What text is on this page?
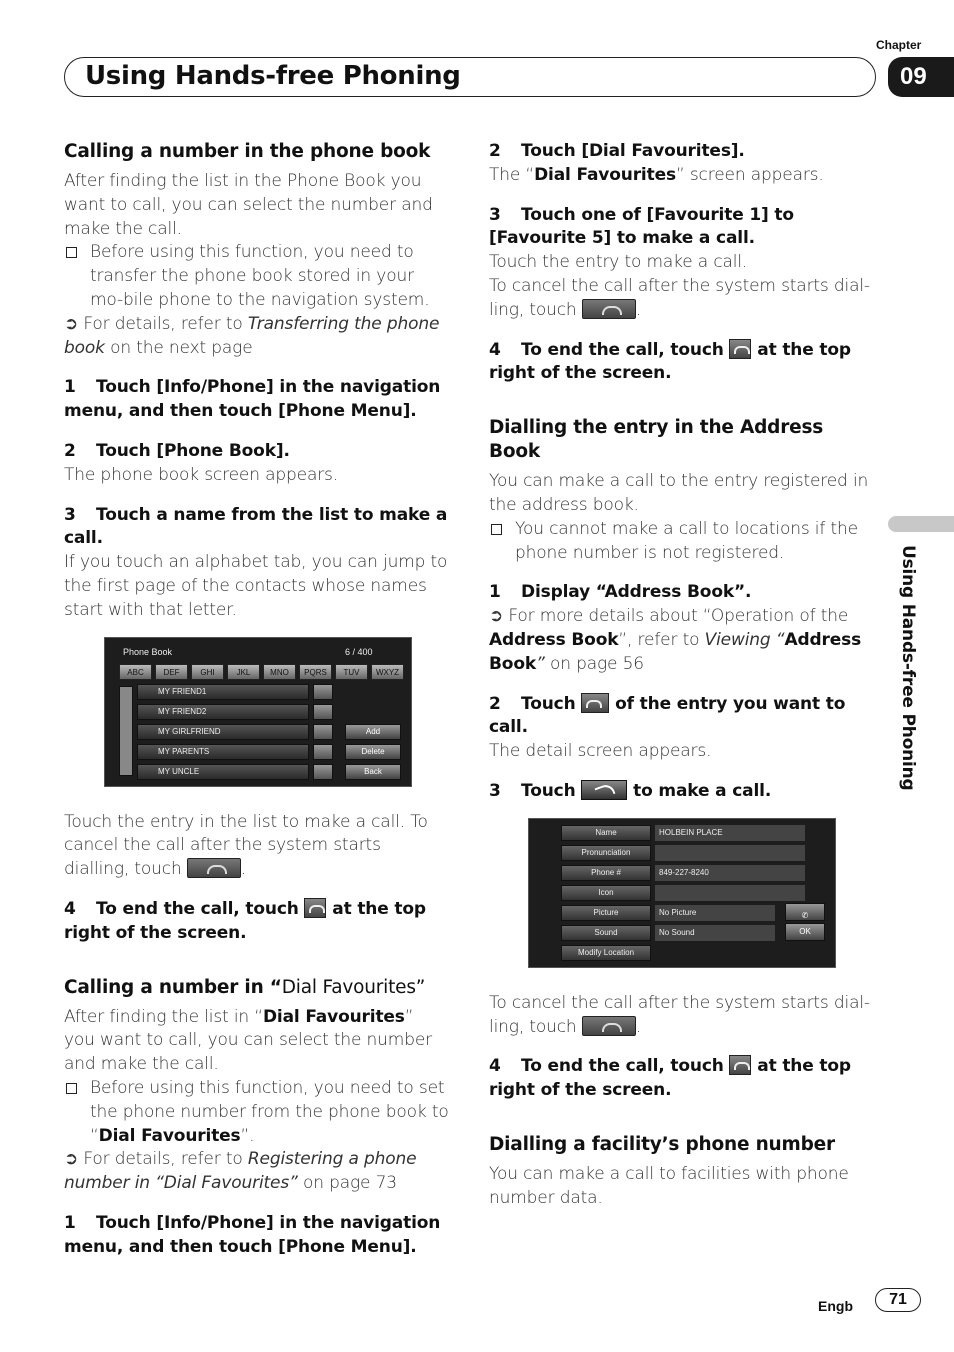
Chapter
Using Hands-free Phoning	09
Calling a number in the phone book
After finding the list in the Phone Book you want to call, you can select the number and make the call.
Before using this function, you need to transfer the phone book stored in your mo-bile phone to the navigation system.
➲ For details, refer to Transferring the phone book on the next page
1 Touch [Info/Phone] in the navigation menu, and then touch [Phone Menu].
2 Touch [Phone Book].
The phone book screen appears.
3 Touch a name from the list to make a call.
If you touch an alphabet tab, you can jump to the first page of the contacts whose names start with that letter.
Phone Book	6 / 400
ABC	DEF	GHI	JKL	MNO	PQRS	TUV	WXYZ
MY FRIEND1
MY FRIEND2
MY GIRLFRIEND
MY PARENTS
MY UNCLE
Add
Delete
Back
Touch the entry in the list to make a call. To cancel the call after the system starts dialling, touch	.
4 To end the call, touch at the top right of the screen.
Calling a number in “Dial Favourites”
After finding the list in “Dial Favourites” you want to call, you can select the number and make the call.
Before using this function, you need to set the phone number from the phone book to “Dial Favourites”.
➲ For details, refer to Registering a phone number in “Dial Favourites” on page 73
1 Touch [Info/Phone] in the navigation menu, and then touch [Phone Menu].
2 Touch [Dial Favourites].
The “Dial Favourites” screen appears.
3 Touch one of [Favourite 1] to [Favourite 5] to make a call.
Touch the entry to make a call.
To cancel the call after the system starts dial-ling, touch	.
4 To end the call, touch at the top right of the screen.
Dialling the entry in the Address Book
You can make a call to the entry registered in the address book.
You cannot make a call to locations if the phone number is not registered.
1 Display “Address Book”.
➲ For more details about “Operation of the Address Book”, refer to Viewing “Address Book” on page 56
2 Touch of the entry you want to call.
The detail screen appears.
3 Touch	to make a call.
Name	HOLBEIN PLACE
Pronunciation
Phone #	849-227-8240
Icon
Picture	No Picture
Sound	No Sound
Modify Location
✆
OK
To cancel the call after the system starts dial-ling, touch	.
4 To end the call, touch at the top right of the screen.
Dialling a facility’s phone number
You can make a call to facilities with phone number data.
Using Hands-free Phoning
Engb	71
